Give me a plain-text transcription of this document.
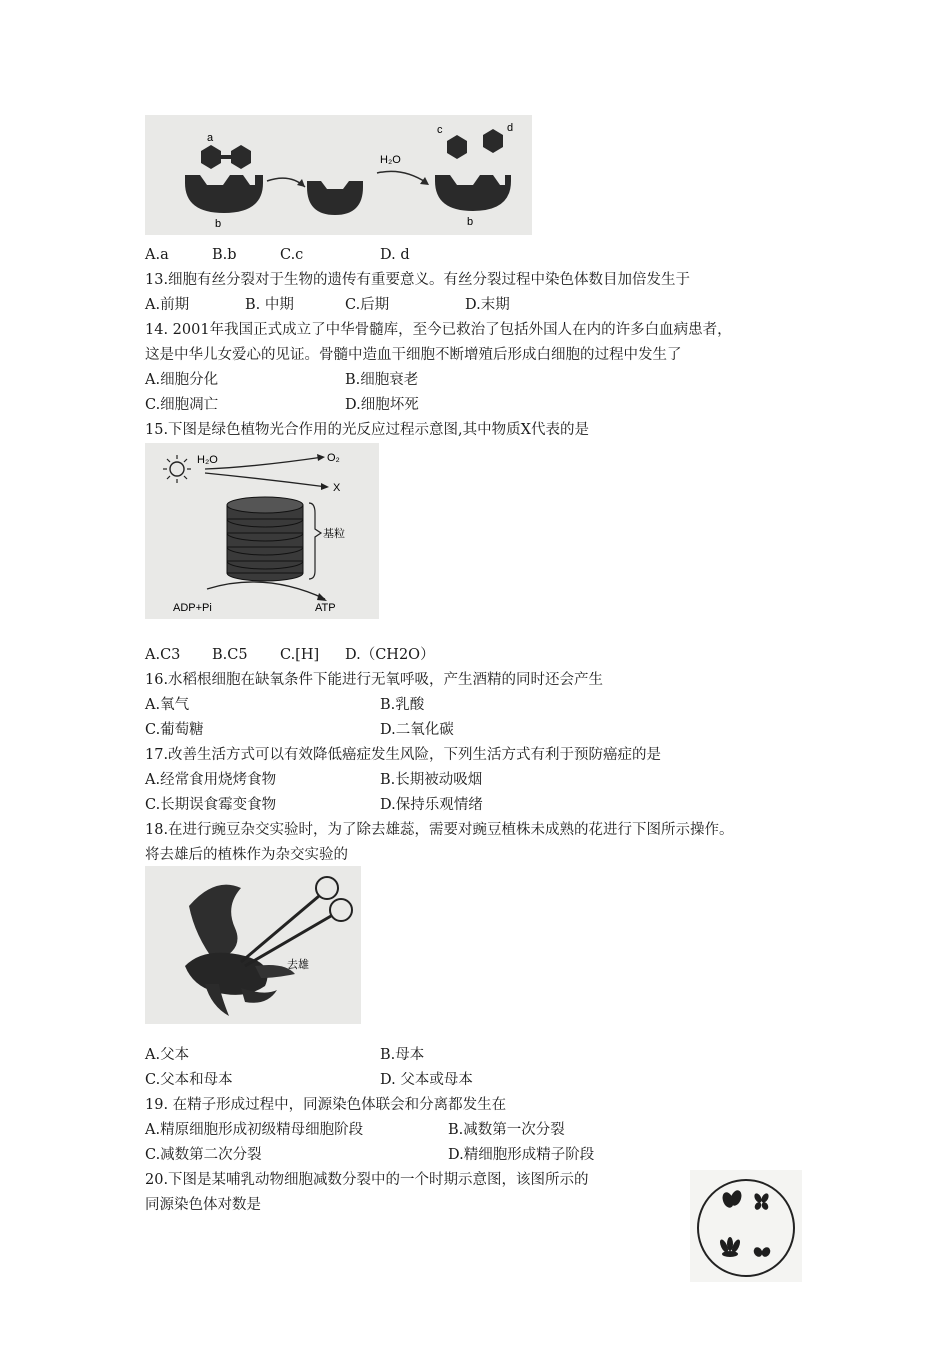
a
b
H₂O
c	d
b
A.a	B.b	C.c	D. d
13.细胞有丝分裂对于生物的遗传有重要意义。有丝分裂过程中染色体数目加倍发生于
A.前期	B. 中期	C.后期	D.末期
14. 2001年我国正式成立了中华骨髓库，至今已救治了包括外国人在内的许多白血病患者，
这是中华儿女爱心的见证。骨髓中造血干细胞不断增殖后形成白细胞的过程中发生了
A.细胞分化	B.细胞衰老
C.细胞凋亡	D.细胞坏死
15.下图是绿色植物光合作用的光反应过程示意图,其中物质X代表的是
H₂O	O₂
X
基粒
ADP+Pi	ATP
A.C3 B.C5 C.[H] D.（CH2O）
16.水稻根细胞在缺氧条件下能进行无氧呼吸，产生酒精的同时还会产生
A.氧气	B.乳酸
C.葡萄糖	D.二氧化碳
17.改善生活方式可以有效降低癌症发生风险，下列生活方式有利于预防癌症的是
A.经常食用烧烤食物	B.长期被动吸烟
C.长期误食霉变食物	D.保持乐观情绪
18.在进行豌豆杂交实验时，为了除去雄蕊，需要对豌豆植株未成熟的花进行下图所示操作。
将去雄后的植株作为杂交实验的
去雄
A.父本	B.母本
C.父本和母本	D. 父本或母本
19. 在精子形成过程中，同源染色体联会和分离都发生在
A.精原细胞形成初级精母细胞阶段	B.减数第一次分裂
C.减数第二次分裂	D.精细胞形成精子阶段
20.下图是某哺乳动物细胞减数分裂中的一个时期示意图，该图所示的
同源染色体对数是
